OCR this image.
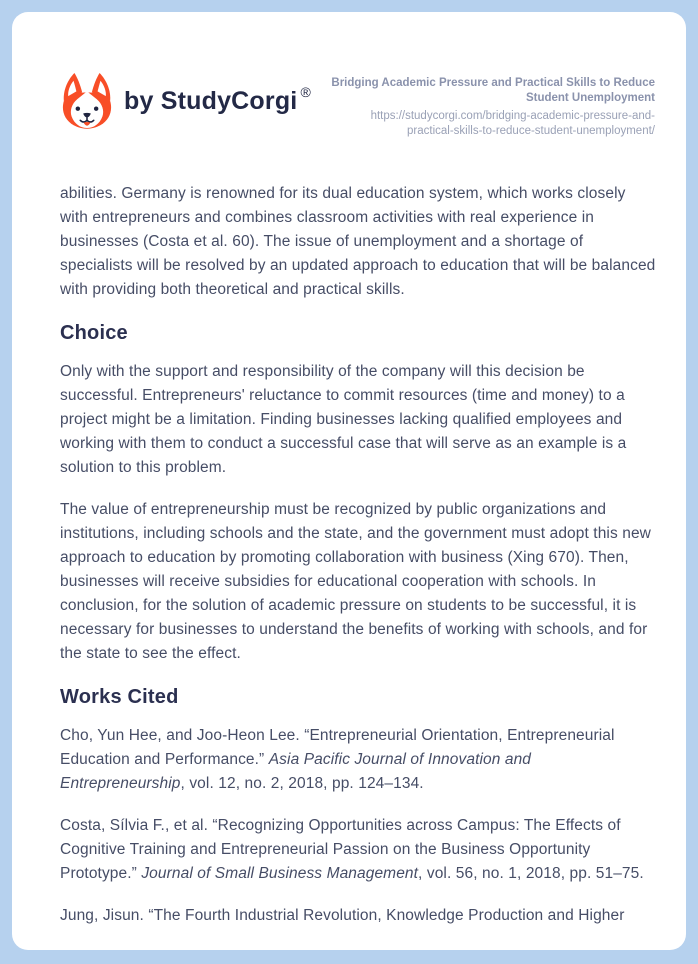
by StudyCorgi ®
Bridging Academic Pressure and Practical Skills to Reduce Student Unemployment
https://studycorgi.com/bridging-academic-pressure-and-practical-skills-to-reduce-student-unemployment/

abilities. Germany is renowned for its dual education system, which works closely with entrepreneurs and combines classroom activities with real experience in businesses (Costa et al. 60). The issue of unemployment and a shortage of specialists will be resolved by an updated approach to education that will be balanced with providing both theoretical and practical skills.

Choice

Only with the support and responsibility of the company will this decision be successful. Entrepreneurs' reluctance to commit resources (time and money) to a project might be a limitation. Finding businesses lacking qualified employees and working with them to conduct a successful case that will serve as an example is a solution to this problem.

The value of entrepreneurship must be recognized by public organizations and institutions, including schools and the state, and the government must adopt this new approach to education by promoting collaboration with business (Xing 670). Then, businesses will receive subsidies for educational cooperation with schools. In conclusion, for the solution of academic pressure on students to be successful, it is necessary for businesses to understand the benefits of working with schools, and for the state to see the effect.

Works Cited

Cho, Yun Hee, and Joo-Heon Lee. “Entrepreneurial Orientation, Entrepreneurial Education and Performance.” Asia Pacific Journal of Innovation and Entrepreneurship, vol. 12, no. 2, 2018, pp. 124–134.

Costa, Sílvia F., et al. “Recognizing Opportunities across Campus: The Effects of Cognitive Training and Entrepreneurial Passion on the Business Opportunity Prototype.” Journal of Small Business Management, vol. 56, no. 1, 2018, pp. 51–75.

Jung, Jisun. “The Fourth Industrial Revolution, Knowledge Production and Higher
